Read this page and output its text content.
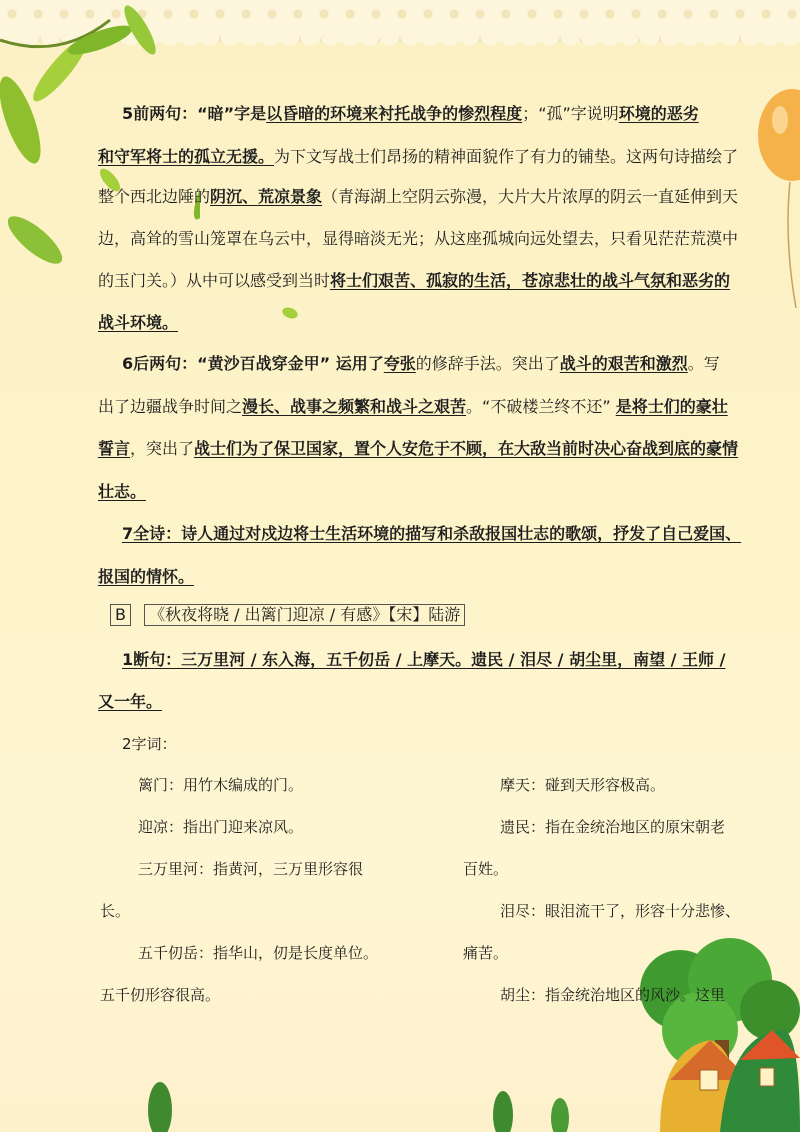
5前两句：“暗”字是以昏暗的环境来衬托战争的惨烈程度；“孤”字说明环境的恶劣
和守军将士的孤立无援。为下文写战士们昂扬的精神面貌作了有力的铺垫。这两句诗描绘了
整个西北边陲的阴沉、荒凉景象（青海湖上空阴云弥漫，大片大片浓厚的阴云一直延伸到天
边，高耸的雪山笼罩在乌云中，显得暗淡无光；从这座孤城向远处望去，只看见茫茫荒漠中
的玉门关。）从中可以感受到当时将士们艰苦、孤寂的生活，苍凉悲壮的战斗气氛和恶劣的
战斗环境。
6后两句：“黄沙百战穿金甲” 运用了夸张的修辞手法。突出了战斗的艰苦和激烈。写
出了边疆战争时间之漫长、战事之频繁和战斗之艰苦。“不破楼兰终不还” 是将士们的豪壮
誓言，突出了战士们为了保卫国家，置个人安危于不顾，在大敌当前时决心奋战到底的豪情
壮志。
7全诗：诗人通过对戍边将士生活环境的描写和杀敌报国壮志的歌颂，抒发了自己爱国、
报国的情怀。
B 《秋夜将晓 / 出篱门迎凉 / 有感》【宋】陆游
1断句：三万里河 / 东入海，五千仞岳 / 上摩天。遗民 / 泪尽 / 胡尘里，南望 / 王师 /
又一年。
2字词：
篱门：用竹木编成的门。
迎凉：指出门迎来凉风。
三万里河：指黄河，三万里形容很
长。
五千仞岳：指华山，仞是长度单位。
五千仞形容很高。
摩天：碰到天形容极高。
遗民：指在金统治地区的原宋朝老
百姓。
泪尽：眼泪流干了，形容十分悲惨、
痛苦。
胡尘：指金统治地区的风沙。这里
